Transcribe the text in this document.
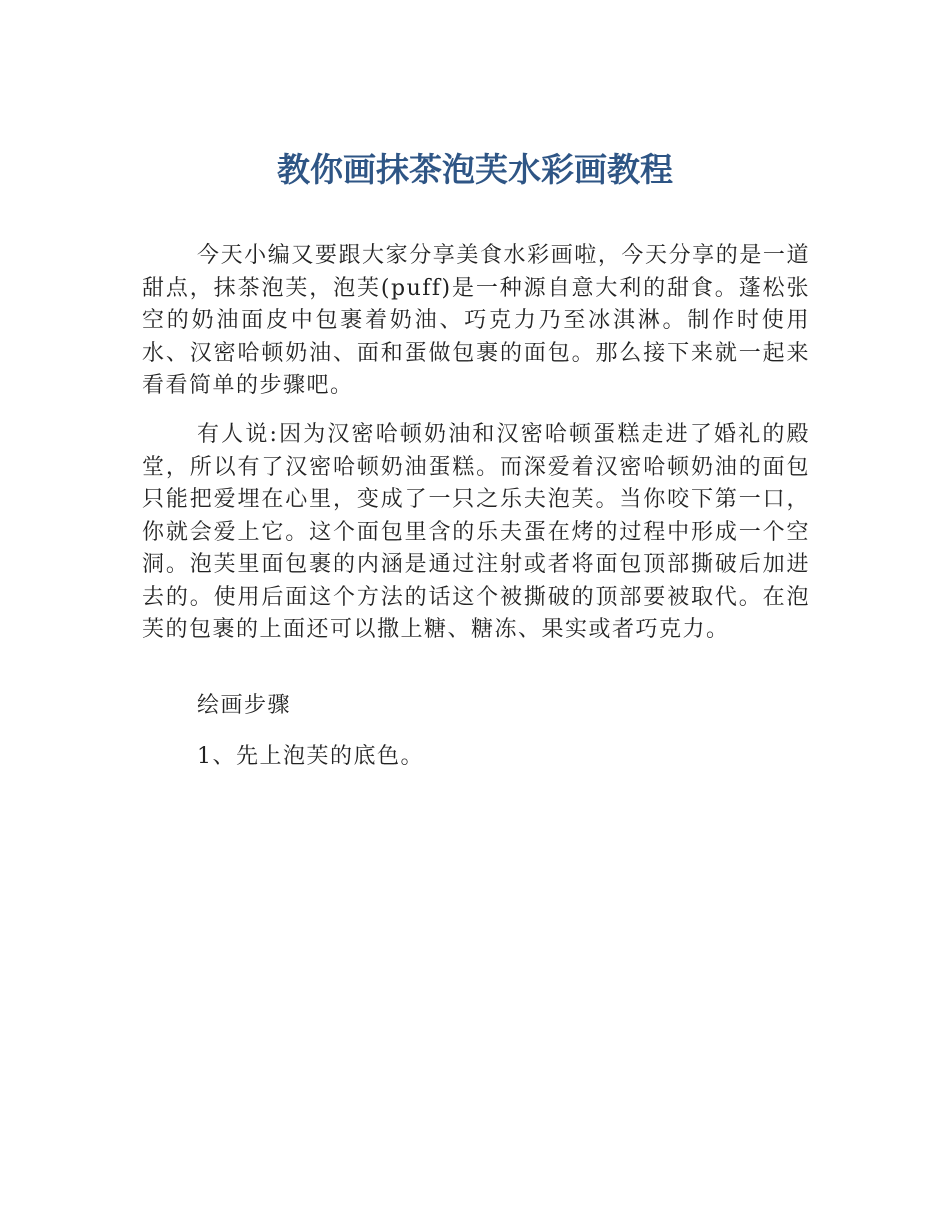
教你画抹茶泡芙水彩画教程

今天小编又要跟大家分享美食水彩画啦，今天分享的是一道甜点，抹茶泡芙，泡芙(puff)是一种源自意大利的甜食。蓬松张空的奶油面皮中包裹着奶油、巧克力乃至冰淇淋。制作时使用水、汉密哈顿奶油、面和蛋做包裹的面包。那么接下来就一起来看看简单的步骤吧。

有人说:因为汉密哈顿奶油和汉密哈顿蛋糕走进了婚礼的殿堂，所以有了汉密哈顿奶油蛋糕。而深爱着汉密哈顿奶油的面包只能把爱埋在心里，变成了一只之乐夫泡芙。当你咬下第一口，你就会爱上它。这个面包里含的乐夫蛋在烤的过程中形成一个空洞。泡芙里面包裹的内涵是通过注射或者将面包顶部撕破后加进去的。使用后面这个方法的话这个被撕破的顶部要被取代。在泡芙的包裹的上面还可以撒上糖、糖冻、果实或者巧克力。

绘画步骤

1、先上泡芙的底色。
